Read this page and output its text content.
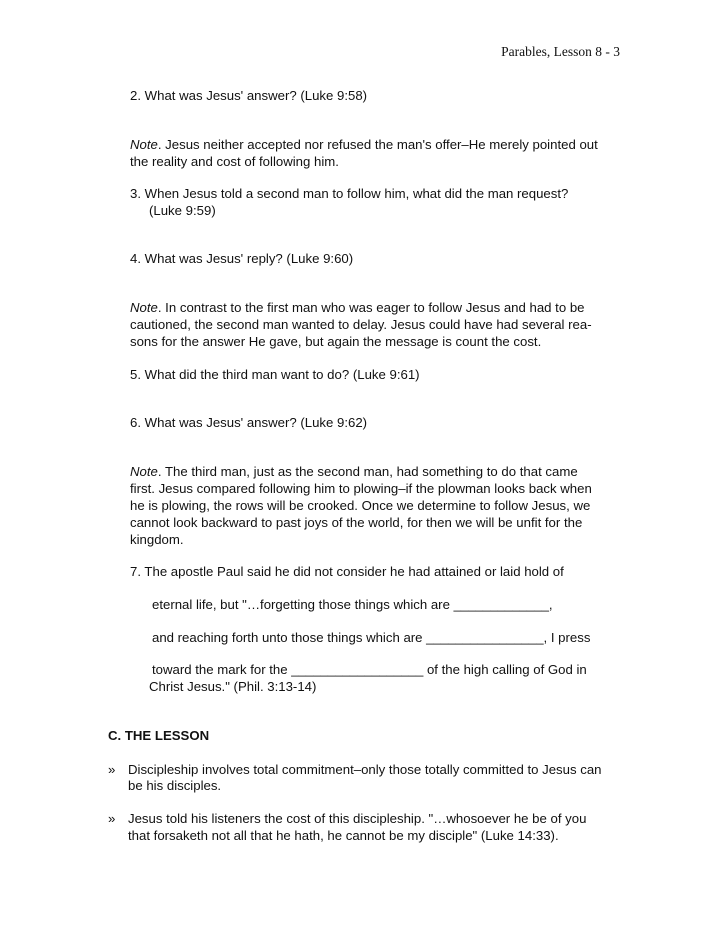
Parables, Lesson 8 - 3

2. What was Jesus' answer? (Luke 9:58)

Note. Jesus neither accepted nor refused the man's offer–He merely pointed out
the reality and cost of following him.

3. When Jesus told a second man to follow him, what did the man request?

(Luke 9:59)

4. What was Jesus' reply? (Luke 9:60)

Note. In contrast to the first man who was eager to follow Jesus and had to be
cautioned, the second man wanted to delay. Jesus could have had several rea-
sons for the answer He gave, but again the message is count the cost.

5. What did the third man want to do? (Luke 9:61)

6. What was Jesus' answer? (Luke 9:62)

Note. The third man, just as the second man, had something to do that came
first. Jesus compared following him to plowing–if the plowman looks back when
he is plowing, the rows will be crooked. Once we determine to follow Jesus, we
cannot look backward to past joys of the world, for then we will be unfit for the
kingdom.

7. The apostle Paul said he did not consider he had attained or laid hold of

eternal life, but "…forgetting those things which are _____________,

and reaching forth unto those things which are ________________, I press

toward the mark for the __________________ of the high calling of God in

Christ Jesus." (Phil. 3:13-14)

C. THE LESSON

» Discipleship involves total commitment–only those totally committed to Jesus can

be his disciples.

» Jesus told his listeners the cost of this discipleship. "…whosoever he be of you

that forsaketh not all that he hath, he cannot be my disciple" (Luke 14:33).
